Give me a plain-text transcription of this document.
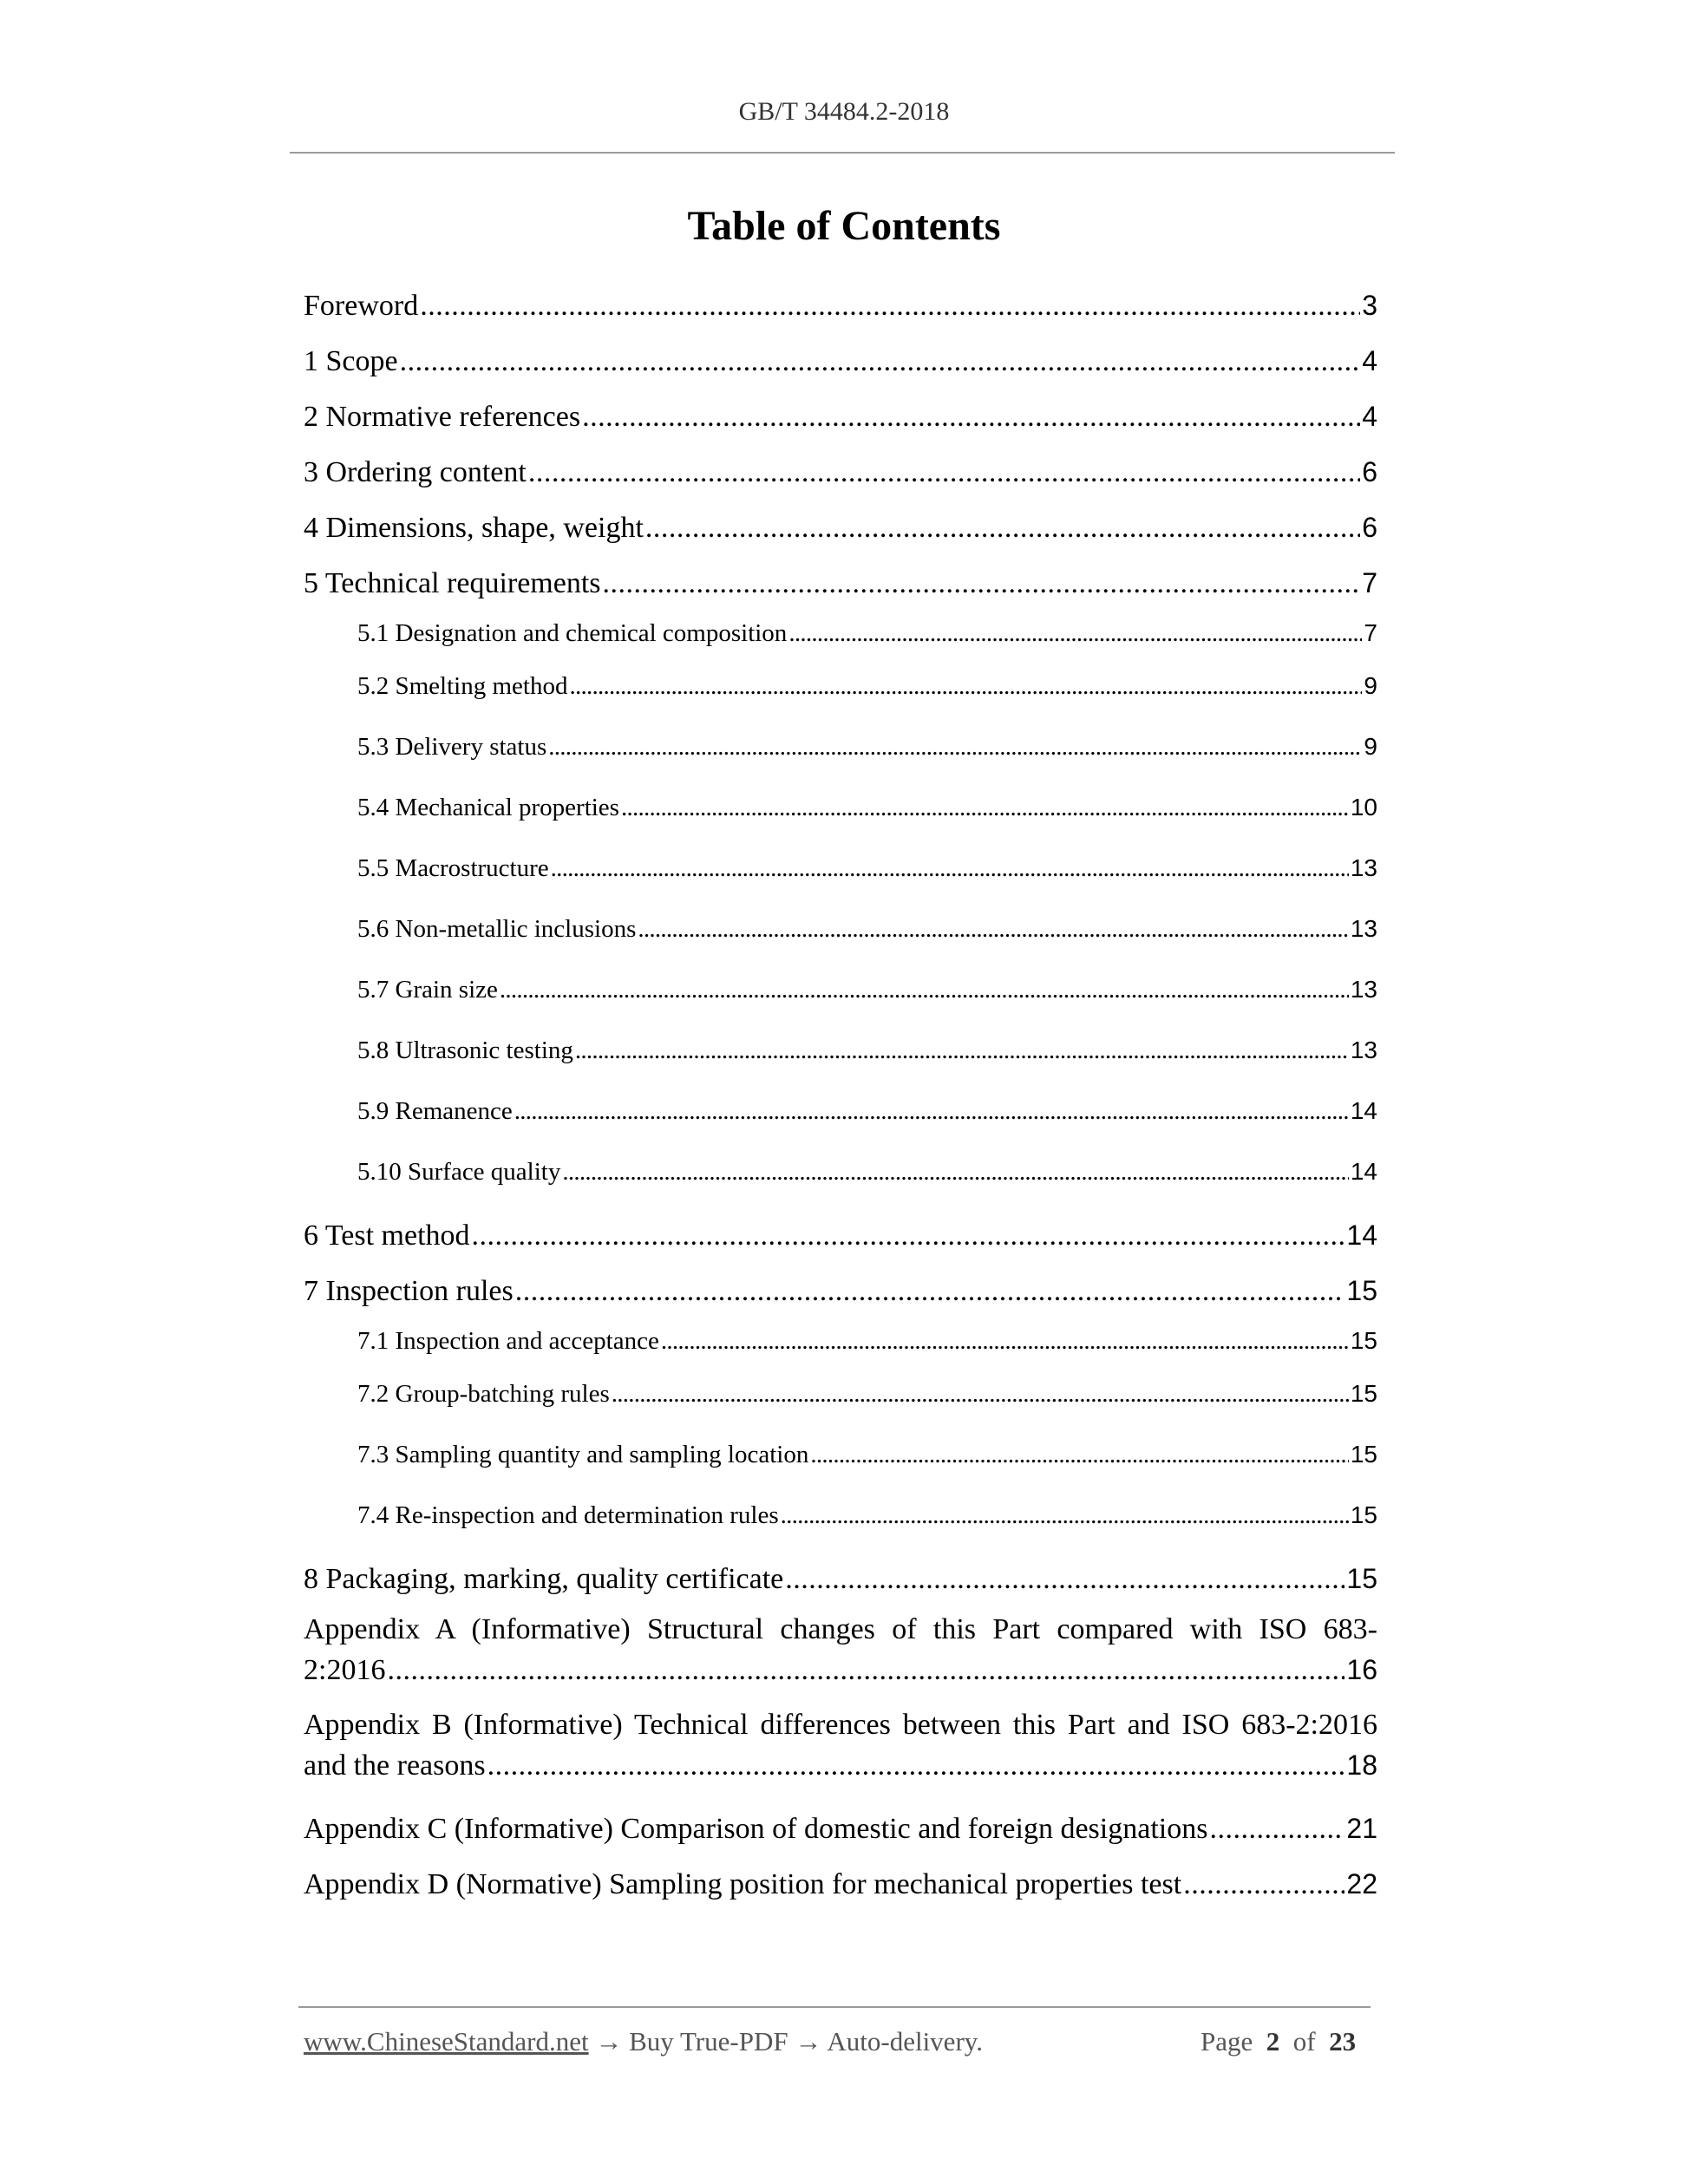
GB/T 34484.2-2018
Table of Contents
Foreword . . .	3
1 Scope . . .	4
2 Normative references . . .	4
3 Ordering content . . .	6
4 Dimensions, shape, weight . . .	6
5 Technical requirements . . .	7
5.1 Designation and chemical composition . . .	7
5.2 Smelting method . . .	9
5.3 Delivery status . . .	9
5.4 Mechanical properties . . .	10
5.5 Macrostructure . . .	13
5.6 Non-metallic inclusions . . .	13
5.7 Grain size . . .	13
5.8 Ultrasonic testing . . .	13
5.9 Remanence . . .	14
5.10 Surface quality . . .	14
6 Test method . . .	14
7 Inspection rules . . .	15
7.1 Inspection and acceptance . . .	15
7.2 Group-batching rules . . .	15
7.3 Sampling quantity and sampling location . . .	15
7.4 Re-inspection and determination rules . . .	15
8 Packaging, marking, quality certificate . . .	15
Appendix A (Informative) Structural changes of this Part compared with ISO 683-
2:2016 . . .	16
Appendix B (Informative) Technical differences between this Part and ISO 683-2:2016
and the reasons . . .	18
Appendix C (Informative) Comparison of domestic and foreign designations . . .	21
Appendix D (Normative) Sampling position for mechanical properties test . . .	22
www.ChineseStandard.net → Buy True-PDF → Auto-delivery.	Page 2 of 23
